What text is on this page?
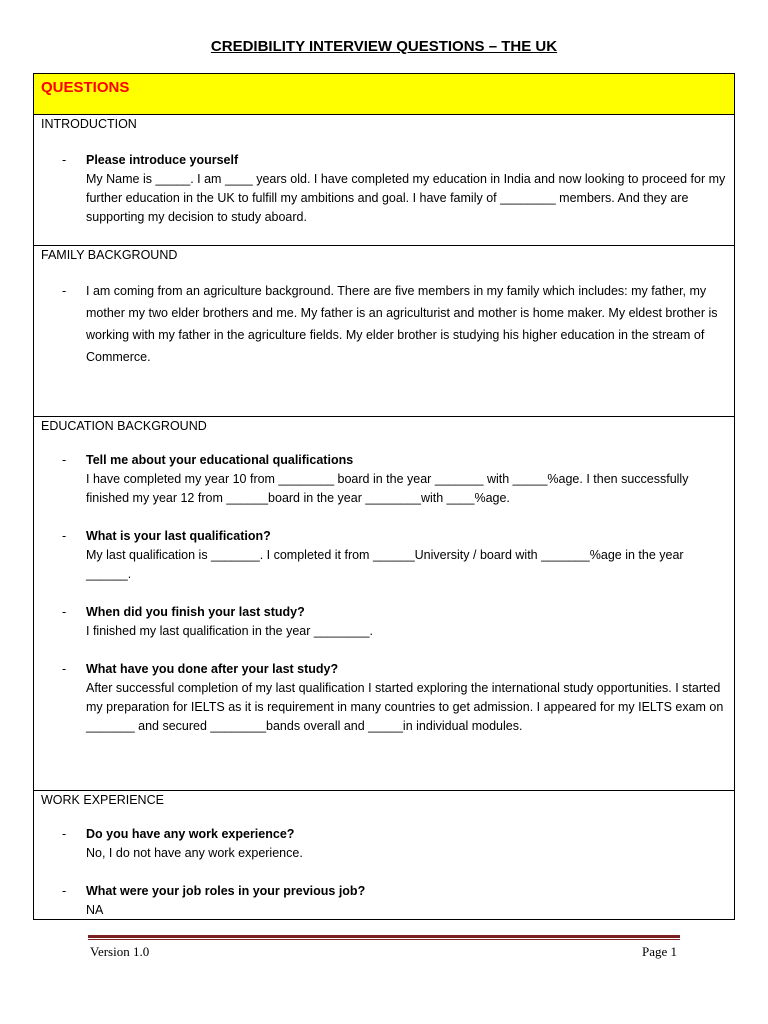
CREDIBILITY INTERVIEW QUESTIONS – THE UK
QUESTIONS
INTRODUCTION
- Please introduce yourself
My Name is _____. I am ____ years old. I have completed my education in India and now looking to proceed for my further education in the UK to fulfill my ambitions and goal. I have family of ________ members. And they are supporting my decision to study aboard.
FAMILY BACKGROUND
- I am coming from an agriculture background. There are five members in my family which includes: my father, my mother my two elder brothers and me. My father is an agriculturist and mother is home maker. My eldest brother is working with my father in the agriculture fields. My elder brother is studying his higher education in the stream of Commerce.
EDUCATION BACKGROUND
- Tell me about your educational qualifications
I have completed my year 10 from ________ board in the year _______ with _____%age. I then successfully finished my year 12 from ______board in the year ________with ____%age.
- What is your last qualification?
My last qualification is _______. I completed it from ______University / board with _______%age in the year ______.
- When did you finish your last study?
I finished my last qualification in the year ________.
- What have you done after your last study?
After successful completion of my last qualification I started exploring the international study opportunities. I started my preparation for IELTS as it is requirement in many countries to get admission. I appeared for my IELTS exam on _______ and secured ________bands overall and _____in individual modules.
WORK EXPERIENCE
- Do you have any work experience?
No, I do not have any work experience.
- What were your job roles in your previous job?
NA
Version 1.0	Page 1
